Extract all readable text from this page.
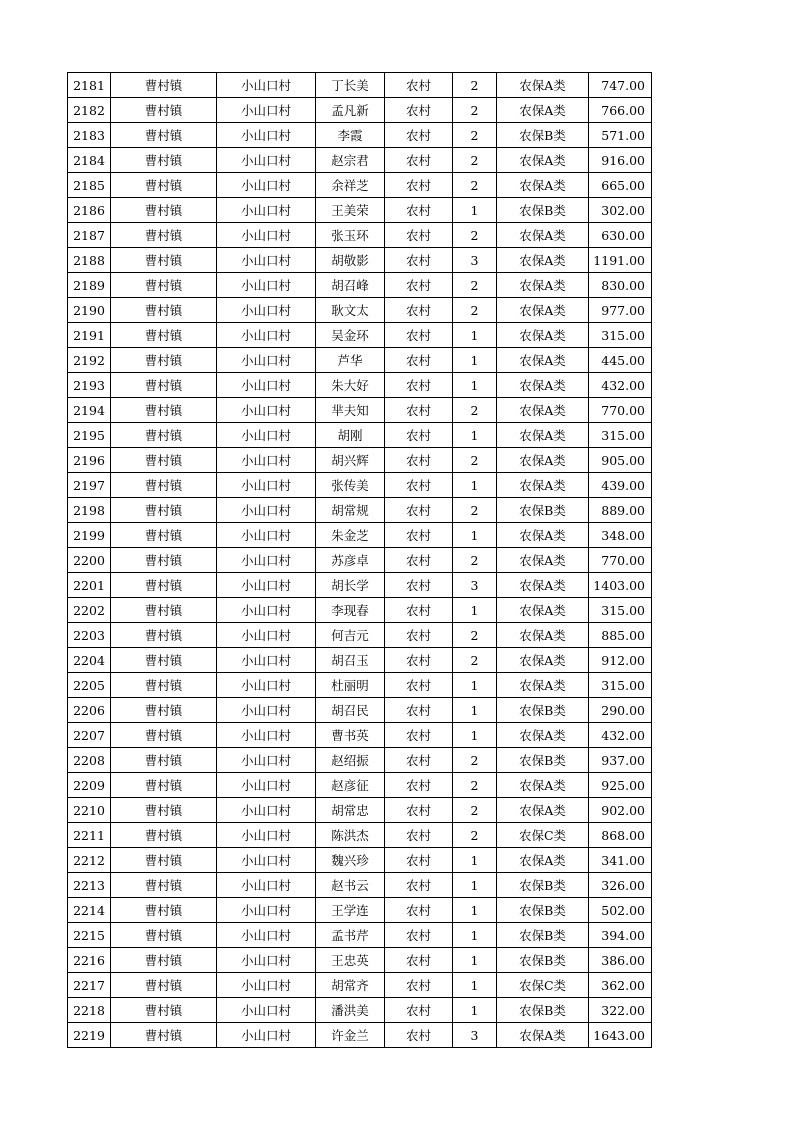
2181	曹村镇	小山口村	丁长美	农村	2	农保A类	747.00
2182	曹村镇	小山口村	孟凡新	农村	2	农保A类	766.00
2183	曹村镇	小山口村	李霞	农村	2	农保B类	571.00
2184	曹村镇	小山口村	赵宗君	农村	2	农保A类	916.00
2185	曹村镇	小山口村	余祥芝	农村	2	农保A类	665.00
2186	曹村镇	小山口村	王美荣	农村	1	农保B类	302.00
2187	曹村镇	小山口村	张玉环	农村	2	农保A类	630.00
2188	曹村镇	小山口村	胡敬影	农村	3	农保A类	1191.00
2189	曹村镇	小山口村	胡召峰	农村	2	农保A类	830.00
2190	曹村镇	小山口村	耿文太	农村	2	农保A类	977.00
2191	曹村镇	小山口村	吴金环	农村	1	农保A类	315.00
2192	曹村镇	小山口村	芦华	农村	1	农保A类	445.00
2193	曹村镇	小山口村	朱大好	农村	1	农保A类	432.00
2194	曹村镇	小山口村	芈夫知	农村	2	农保A类	770.00
2195	曹村镇	小山口村	胡刚	农村	1	农保A类	315.00
2196	曹村镇	小山口村	胡兴辉	农村	2	农保A类	905.00
2197	曹村镇	小山口村	张传美	农村	1	农保A类	439.00
2198	曹村镇	小山口村	胡常规	农村	2	农保B类	889.00
2199	曹村镇	小山口村	朱金芝	农村	1	农保A类	348.00
2200	曹村镇	小山口村	苏彦卓	农村	2	农保A类	770.00
2201	曹村镇	小山口村	胡长学	农村	3	农保A类	1403.00
2202	曹村镇	小山口村	李现春	农村	1	农保A类	315.00
2203	曹村镇	小山口村	何吉元	农村	2	农保A类	885.00
2204	曹村镇	小山口村	胡召玉	农村	2	农保A类	912.00
2205	曹村镇	小山口村	杜丽明	农村	1	农保A类	315.00
2206	曹村镇	小山口村	胡召民	农村	1	农保B类	290.00
2207	曹村镇	小山口村	曹书英	农村	1	农保A类	432.00
2208	曹村镇	小山口村	赵绍振	农村	2	农保B类	937.00
2209	曹村镇	小山口村	赵彦征	农村	2	农保A类	925.00
2210	曹村镇	小山口村	胡常忠	农村	2	农保A类	902.00
2211	曹村镇	小山口村	陈洪杰	农村	2	农保C类	868.00
2212	曹村镇	小山口村	魏兴珍	农村	1	农保A类	341.00
2213	曹村镇	小山口村	赵书云	农村	1	农保B类	326.00
2214	曹村镇	小山口村	王学连	农村	1	农保B类	502.00
2215	曹村镇	小山口村	孟书芹	农村	1	农保B类	394.00
2216	曹村镇	小山口村	王忠英	农村	1	农保B类	386.00
2217	曹村镇	小山口村	胡常齐	农村	1	农保C类	362.00
2218	曹村镇	小山口村	潘洪美	农村	1	农保B类	322.00
2219	曹村镇	小山口村	许金兰	农村	3	农保A类	1643.00
